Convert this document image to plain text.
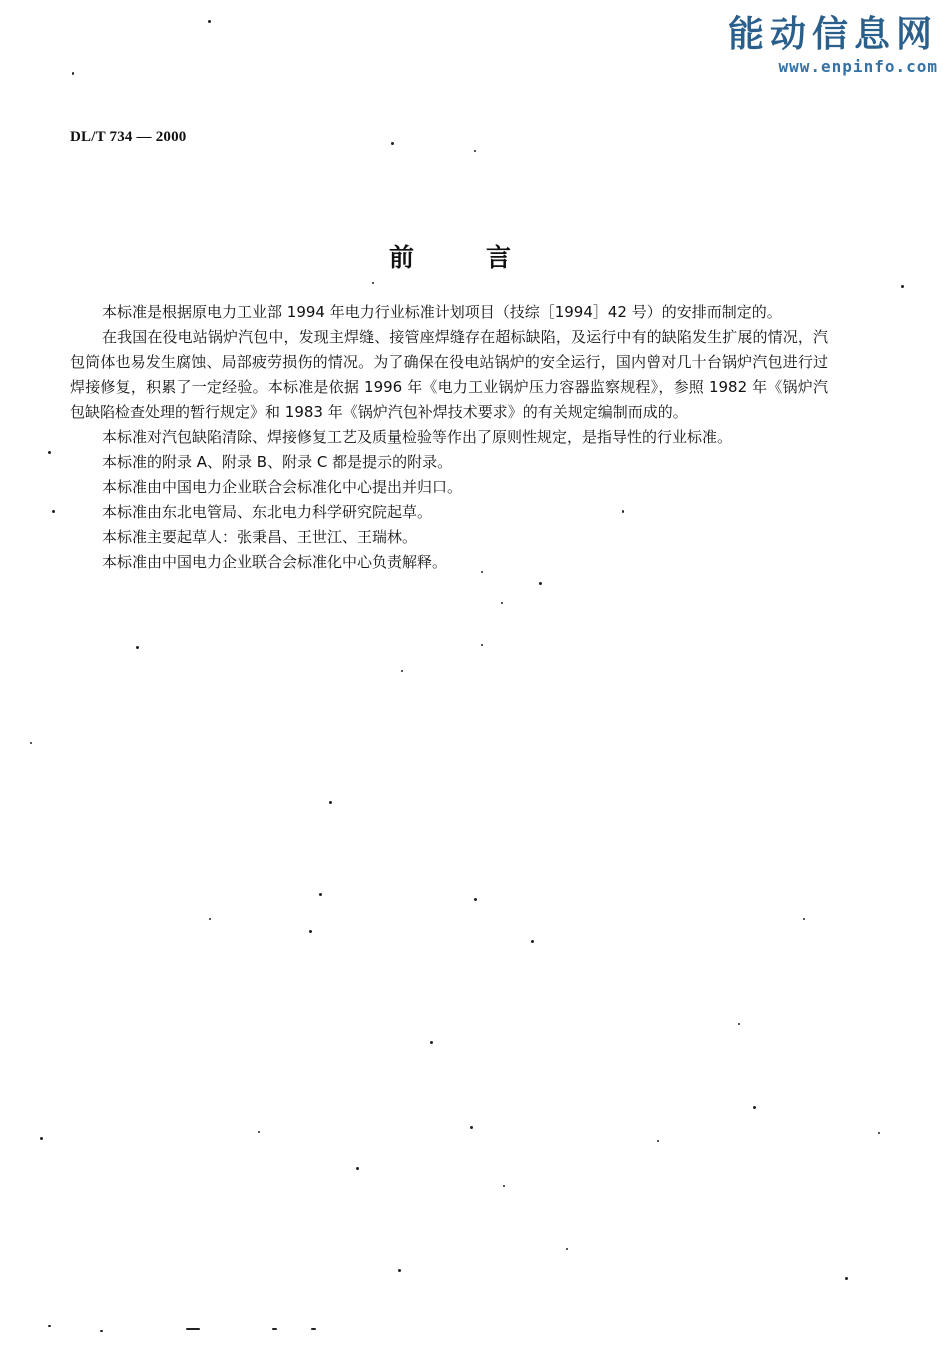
能动信息网
www.enpinfo.com
DL/T 734 — 2000
前言

本标准是根据原电力工业部 1994 年电力行业标准计划项目（技综［1994］42 号）的安排而制定的。

在我国在役电站锅炉汽包中，发现主焊缝、接管座焊缝存在超标缺陷，及运行中有的缺陷发生扩展的情况，汽包筒体也易发生腐蚀、局部疲劳损伤的情况。为了确保在役电站锅炉的安全运行，国内曾对几十台锅炉汽包进行过焊接修复，积累了一定经验。本标准是依据 1996 年《电力工业锅炉压力容器监察规程》，参照 1982 年《锅炉汽包缺陷检查处理的暂行规定》和 1983 年《锅炉汽包补焊技术要求》的有关规定编制而成的。

本标准对汽包缺陷清除、焊接修复工艺及质量检验等作出了原则性规定，是指导性的行业标准。

本标准的附录 A、附录 B、附录 C 都是提示的附录。

本标准由中国电力企业联合会标准化中心提出并归口。

本标准由东北电管局、东北电力科学研究院起草。

本标准主要起草人：张秉昌、王世江、王瑞林。

本标准由中国电力企业联合会标准化中心负责解释。
